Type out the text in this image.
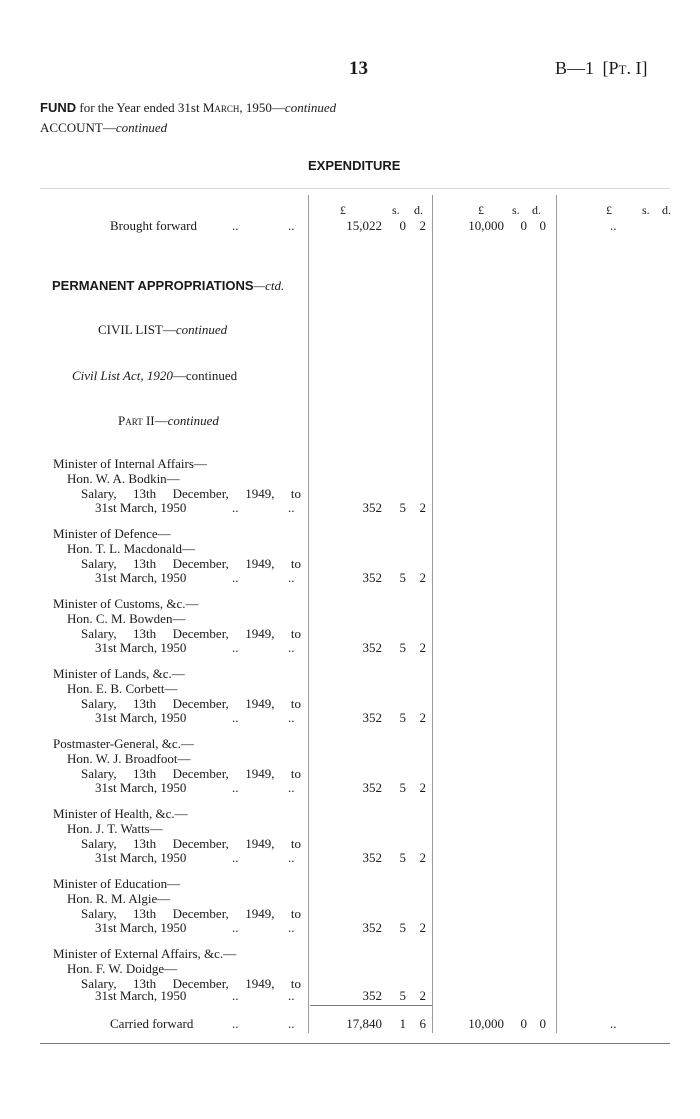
13	B—1 [Pt. I]
FUND for the Year ended 31st March, 1950—continued
ACCOUNT—continued
EXPENDITURE
£	s. d.	£ s. d.	£	s. d.
Brought forward	..	..	15,022 0 2	10,000 0 0	..
PERMANENT APPROPRIATIONS—ctd.
CIVIL LIST—continued
Civil List Act, 1920—continued
Part II—continued
Minister of Internal Affairs—
Hon. W. A. Bodkin—
Salary, 13th December, 1949, to
31st March, 1950	..	..	352 5 2
Minister of Defence—
Hon. T. L. Macdonald—
Salary, 13th December, 1949, to
31st March, 1950	..	..	352 5 2
Minister of Customs, &c.—
Hon. C. M. Bowden—
Salary, 13th December, 1949, to
31st March, 1950	..	..	352 5 2
Minister of Lands, &c.—
Hon. E. B. Corbett—
Salary, 13th December, 1949, to
31st March, 1950	..	..	352 5 2
Postmaster-General, &c.—
Hon. W. J. Broadfoot—
Salary, 13th December, 1949, to
31st March, 1950	..	..	352 5 2
Minister of Health, &c.—
Hon. J. T. Watts—
Salary, 13th December, 1949, to
31st March, 1950	..	..	352 5 2
Minister of Education—
Hon. R. M. Algie—
Salary, 13th December, 1949, to
31st March, 1950	..	..	352 5 2
Minister of External Affairs, &c.—
Hon. F. W. Doidge—
Salary, 13th December, 1949, to
31st March, 1950	..	..	352 5 2
Carried forward	..	..	17,840 1 6	10,000 0 0	..
